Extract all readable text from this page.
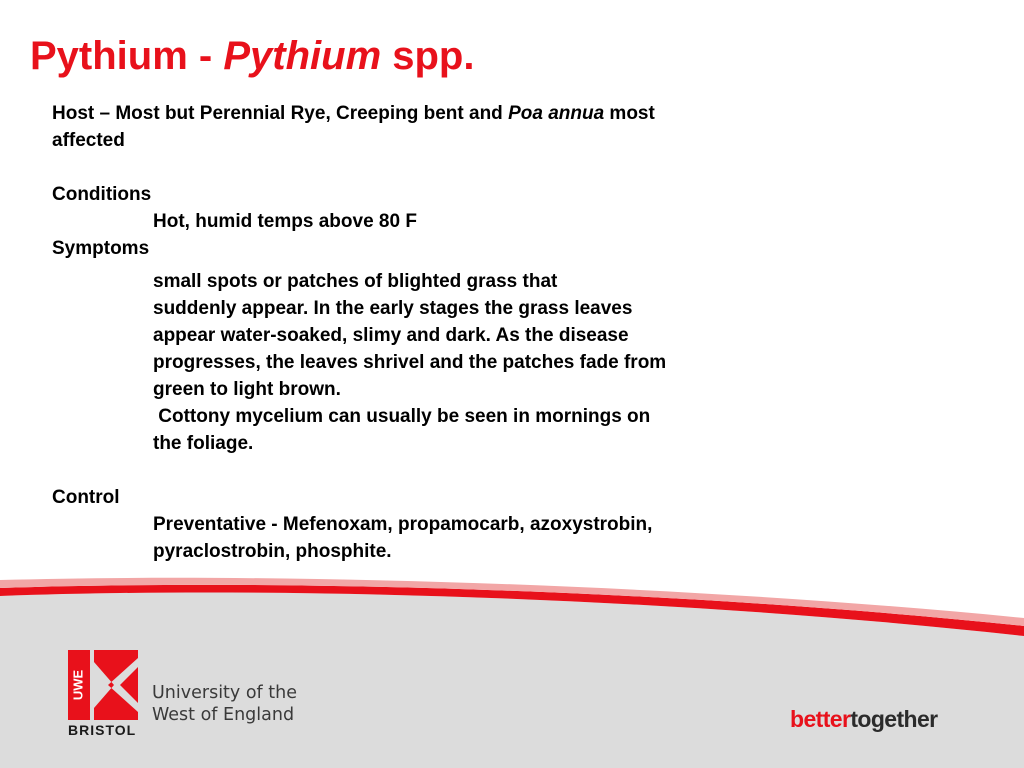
Pythium - Pythium spp.

Host – Most but Perennial Rye, Creeping bent and Poa annua most

affected

Conditions

Hot, humid temps above 80 F

Symptoms

small spots or patches of blighted grass that

suddenly appear. In the early stages the grass leaves

appear water-soaked, slimy and dark. As the disease

progresses, the leaves shrivel and the patches fade from

green to light brown.

Cottony mycelium can usually be seen in mornings on

the foliage.

Control

Preventative - Mefenoxam, propamocarb, azoxystrobin,

pyraclostrobin, phosphite.

UWE	University of the
West of England
BRISTOL	bettertogether
